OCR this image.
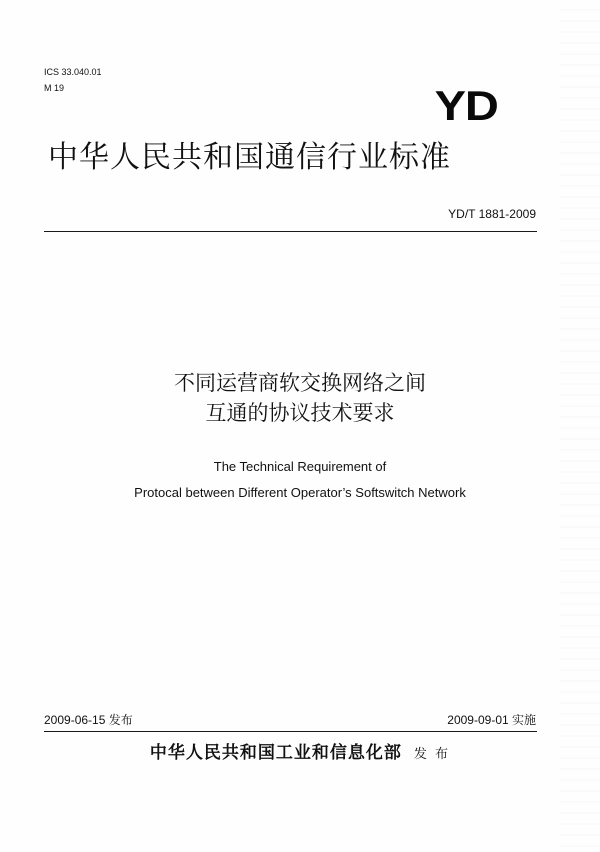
ICS 33.040.01
M 19	YD
中华人民共和国通信行业标准
YD/T 1881-2009
不同运营商软交换网络之间
互通的协议技术要求
The Technical Requirement of
Protocal between Different Operator’s Softswitch Network
2009-06-15 发布	2009-09-01 实施
中华人民共和国工业和信息化部 发 布
